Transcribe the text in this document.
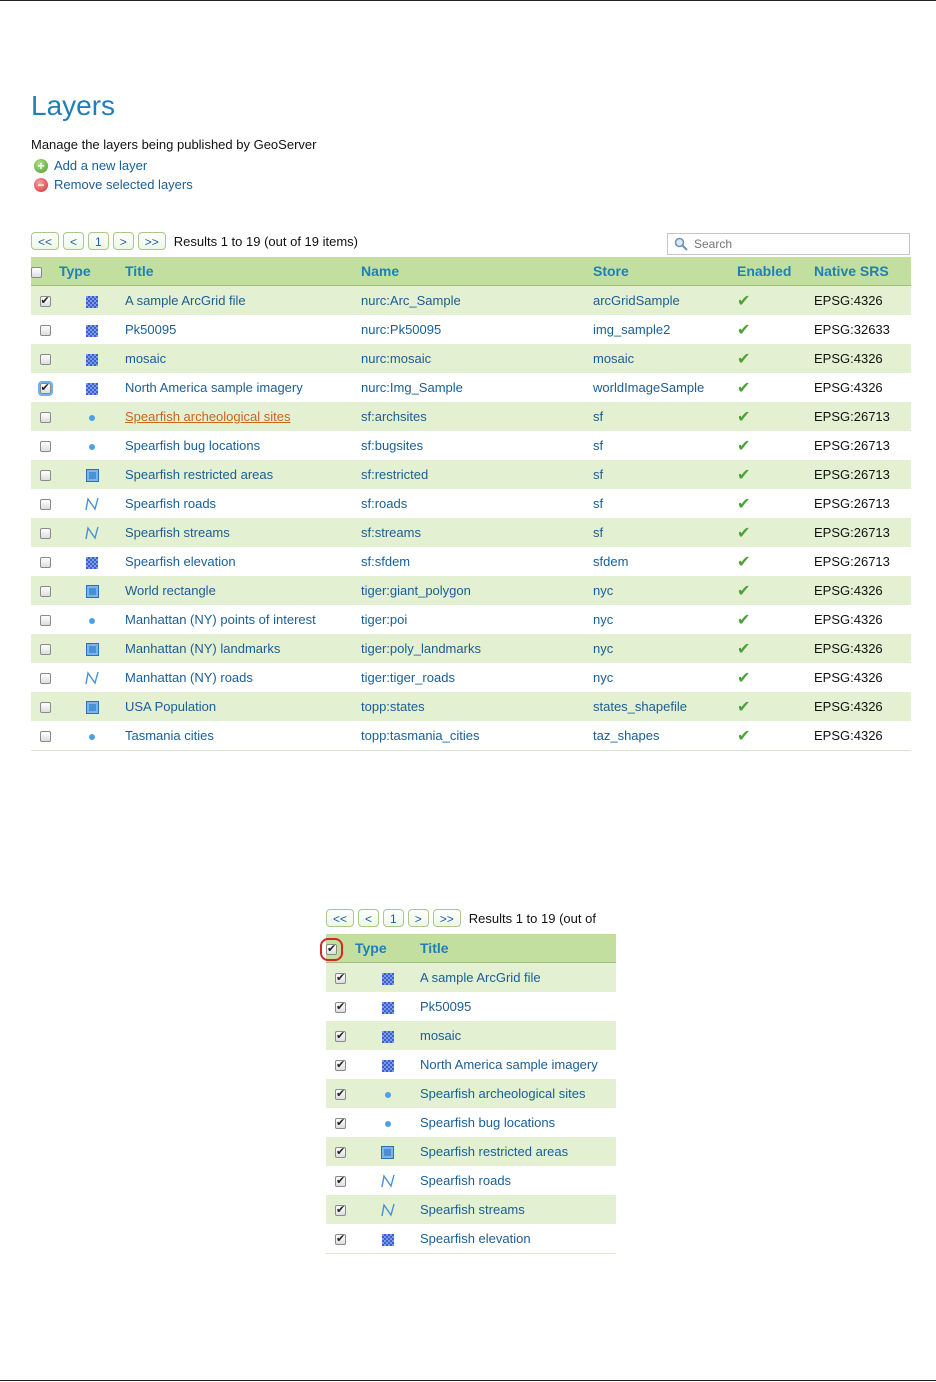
Layers
Manage the layers being published by GeoServer
+ Add a new layer
− Remove selected layers
<<	<	1	>	>>	Results 1 to 19 (out of 19 items)
Search
	Type	Title	Name	Store	Enabled	Native SRS
✔		A sample ArcGrid file	nurc:Arc_Sample	arcGridSample	✔	EPSG:4326
		Pk50095	nurc:Pk50095	img_sample2	✔	EPSG:32633
		mosaic	nurc:mosaic	mosaic	✔	EPSG:4326
✔		North America sample imagery	nurc:Img_Sample	worldImageSample	✔	EPSG:4326
		Spearfish archeological sites	sf:archsites	sf	✔	EPSG:26713
		Spearfish bug locations	sf:bugsites	sf	✔	EPSG:26713
		Spearfish restricted areas	sf:restricted	sf	✔	EPSG:26713
		Spearfish roads	sf:roads	sf	✔	EPSG:26713
		Spearfish streams	sf:streams	sf	✔	EPSG:26713
		Spearfish elevation	sf:sfdem	sfdem	✔	EPSG:26713
		World rectangle	tiger:giant_polygon	nyc	✔	EPSG:4326
		Manhattan (NY) points of interest	tiger:poi	nyc	✔	EPSG:4326
		Manhattan (NY) landmarks	tiger:poly_landmarks	nyc	✔	EPSG:4326
		Manhattan (NY) roads	tiger:tiger_roads	nyc	✔	EPSG:4326
		USA Population	topp:states	states_shapefile	✔	EPSG:4326
		Tasmania cities	topp:tasmania_cities	taz_shapes	✔	EPSG:4326
<<	<	1	>	>>	Results 1 to 19 (out of
✔	Type	Title
✔		A sample ArcGrid file
✔		Pk50095
✔		mosaic
✔		North America sample imagery
✔		Spearfish archeological sites
✔		Spearfish bug locations
✔		Spearfish restricted areas
✔		Spearfish roads
✔		Spearfish streams
✔		Spearfish elevation
